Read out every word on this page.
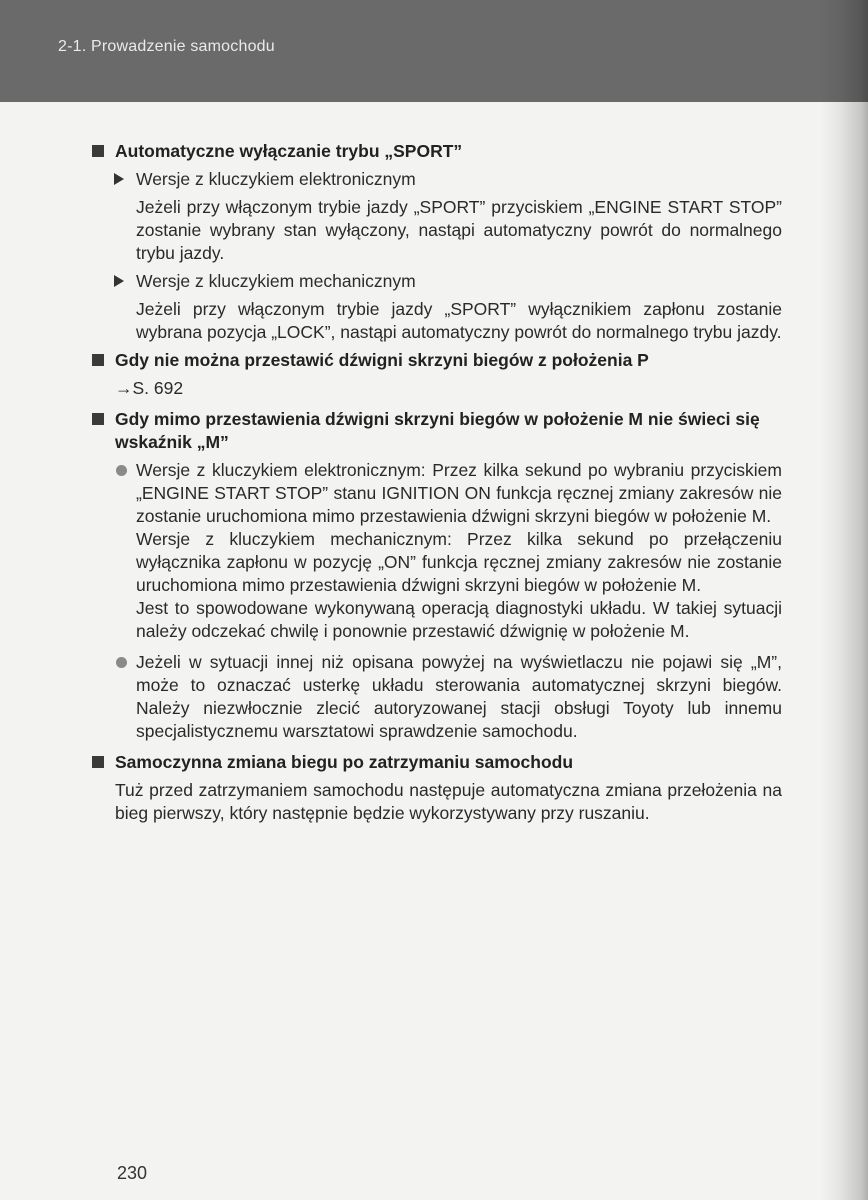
2-1. Prowadzenie samochodu
Automatyczne wyłączanie trybu „SPORT”
Wersje z kluczykiem elektronicznym
Jeżeli przy włączonym trybie jazdy „SPORT” przyciskiem „ENGINE START STOP” zostanie wybrany stan wyłączony, nastąpi automatyczny powrót do normalnego trybu jazdy.
Wersje z kluczykiem mechanicznym
Jeżeli przy włączonym trybie jazdy „SPORT” wyłącznikiem zapłonu zostanie wybrana pozycja „LOCK”, nastąpi automatyczny powrót do normalnego trybu jazdy.
Gdy nie można przestawić dźwigni skrzyni biegów z położenia P
→S. 692
Gdy mimo przestawienia dźwigni skrzyni biegów w położenie M nie świeci się wskaźnik „M”
Wersje z kluczykiem elektronicznym: Przez kilka sekund po wybraniu przyciskiem „ENGINE START STOP” stanu IGNITION ON funkcja ręcznej zmiany zakresów nie zostanie uruchomiona mimo przestawienia dźwigni skrzyni biegów w położenie M.
Wersje z kluczykiem mechanicznym: Przez kilka sekund po przełączeniu wyłącznika zapłonu w pozycję „ON” funkcja ręcznej zmiany zakresów nie zostanie uruchomiona mimo przestawienia dźwigni skrzyni biegów w położenie M.
Jest to spowodowane wykonywaną operacją diagnostyki układu. W takiej sytuacji należy odczekać chwilę i ponownie przestawić dźwignię w położenie M.
Jeżeli w sytuacji innej niż opisana powyżej na wyświetlaczu nie pojawi się „M”, może to oznaczać usterkę układu sterowania automatycznej skrzyni biegów. Należy niezwłocznie zlecić autoryzowanej stacji obsługi Toyoty lub innemu specjalistycznemu warsztatowi sprawdzenie samochodu.
Samoczynna zmiana biegu po zatrzymaniu samochodu
Tuż przed zatrzymaniem samochodu następuje automatyczna zmiana przełożenia na bieg pierwszy, który następnie będzie wykorzystywany przy ruszaniu.
230
